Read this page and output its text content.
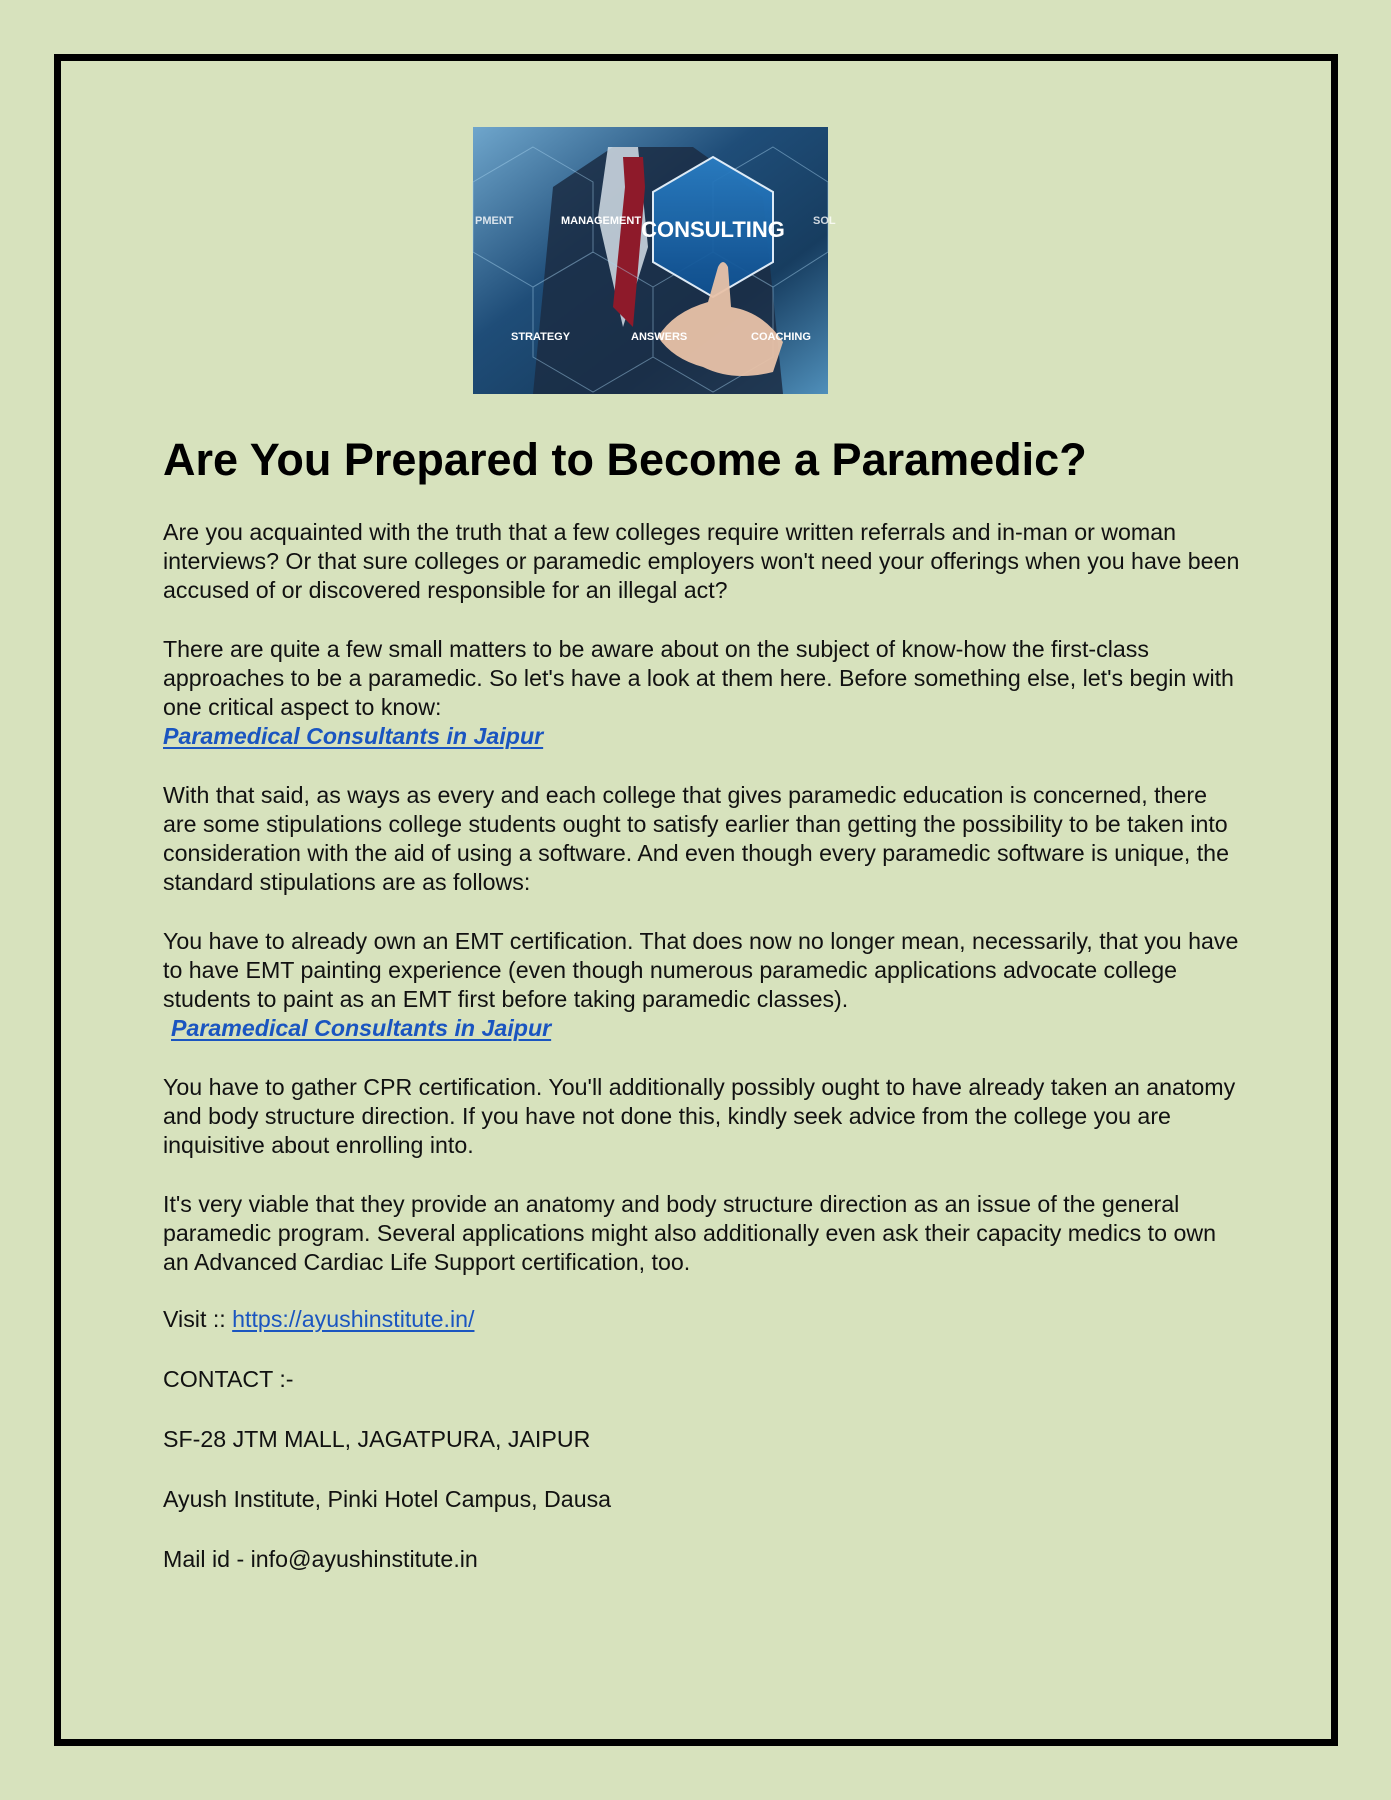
CONSULTING
PMENT	MANAGEMENT	SOL
STRATEGY	ANSWERS	COACHING
Are You Prepared to Become a Paramedic?

Are you acquainted with the truth that a few colleges require written referrals and in-man or woman interviews? Or that sure colleges or paramedic employers won't need your offerings when you have been accused of or discovered responsible for an illegal act?

There are quite a few small matters to be aware about on the subject of know-how the first-class approaches to be a paramedic. So let's have a look at them here. Before something else, let's begin with one critical aspect to know:
Paramedical Consultants in Jaipur

With that said, as ways as every and each college that gives paramedic education is concerned, there are some stipulations college students ought to satisfy earlier than getting the possibility to be taken into consideration with the aid of using a software. And even though every paramedic software is unique, the standard stipulations are as follows:

You have to already own an EMT certification. That does now no longer mean, necessarily, that you have to have EMT painting experience (even though numerous paramedic applications advocate college students to paint as an EMT first before taking paramedic classes).
Paramedical Consultants in Jaipur

You have to gather CPR certification. You'll additionally possibly ought to have already taken an anatomy and body structure direction. If you have not done this, kindly seek advice from the college you are inquisitive about enrolling into.

It's very viable that they provide an anatomy and body structure direction as an issue of the general paramedic program. Several applications might also additionally even ask their capacity medics to own an Advanced Cardiac Life Support certification, too.

Visit :: https://ayushinstitute.in/

CONTACT :-

SF-28 JTM MALL, JAGATPURA, JAIPUR

Ayush Institute, Pinki Hotel Campus, Dausa

Mail id - info@ayushinstitute.in
